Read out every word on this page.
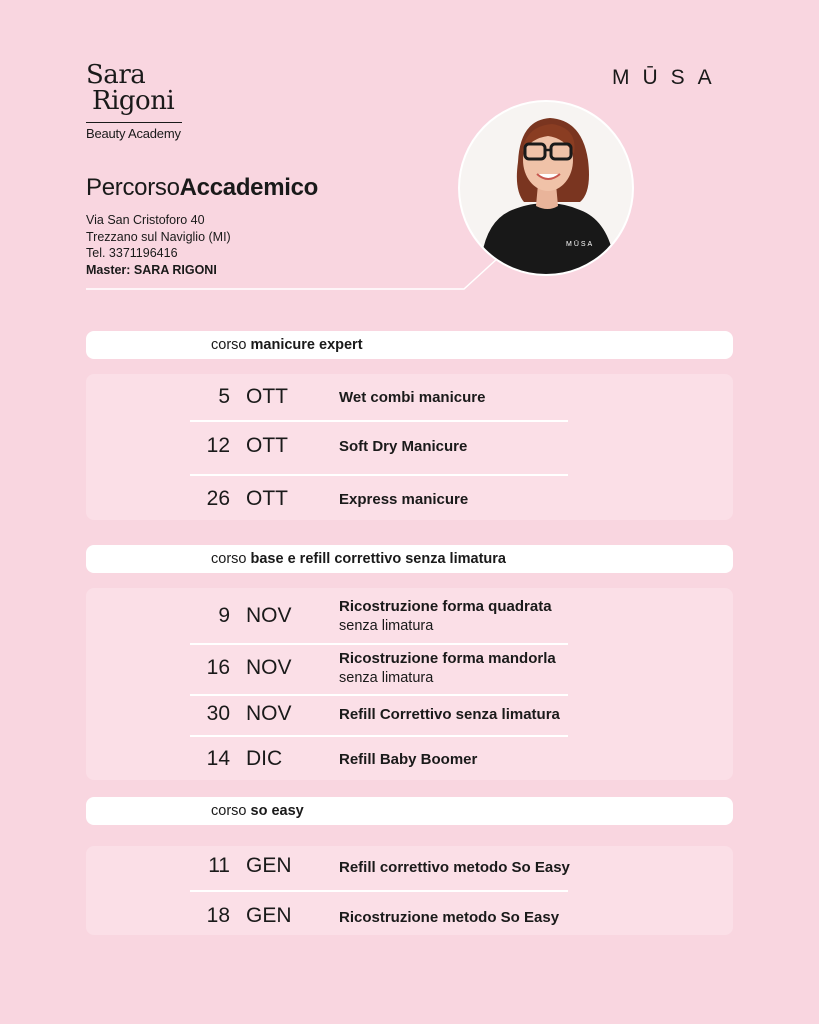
Sara
Rigoni
Beauty Academy
MŪSA
PercorsoAccademico
Via San Cristoforo 40
Trezzano sul Naviglio (MI)
Tel. 3371196416
Master: SARA RIGONI
MŪSA
corso manicure expert
5 OTT	Wet combi manicure
12 OTT	Soft Dry Manicure
26 OTT	Express manicure
corso base e refill correttivo senza limatura
9 NOV	Ricostruzione forma quadrata
senza limatura
16 NOV	Ricostruzione forma mandorla
senza limatura
30 NOV	Refill Correttivo senza limatura
14 DIC	Refill Baby Boomer
corso so easy
11 GEN	Refill correttivo metodo So Easy
18 GEN	Ricostruzione metodo So Easy
